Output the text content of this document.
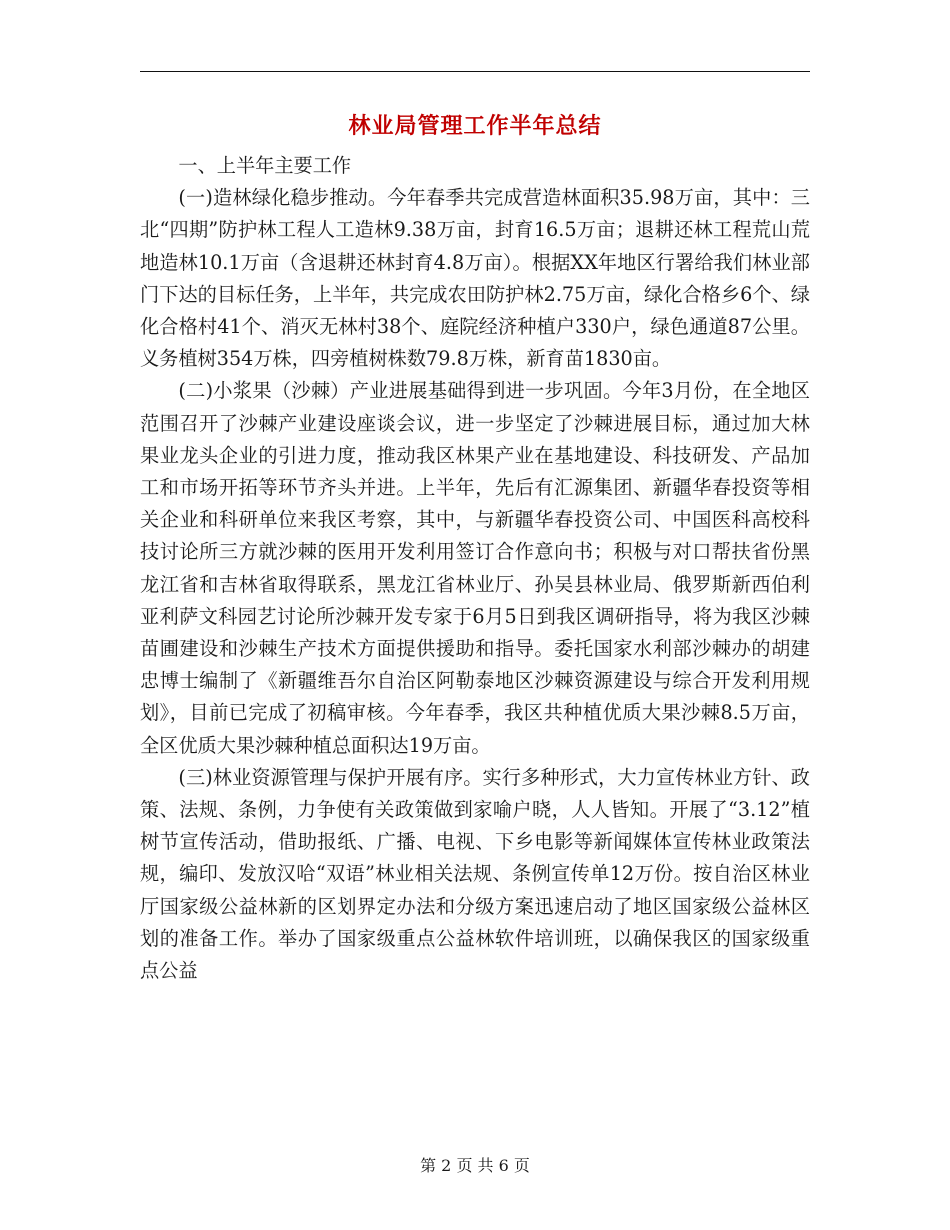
林业局管理工作半年总结

一、上半年主要工作

(一)造林绿化稳步推动。今年春季共完成营造林面积35.98万亩，其中：三北“四期”防护林工程人工造林9.38万亩，封育16.5万亩；退耕还林工程荒山荒地造林10.1万亩（含退耕还林封育4.8万亩）。根据XX年地区行署给我们林业部门下达的目标任务，上半年，共完成农田防护林2.75万亩，绿化合格乡6个、绿化合格村41个、消灭无林村38个、庭院经济种植户330户，绿色通道87公里。义务植树354万株，四旁植树株数79.8万株，新育苗1830亩。

(二)小浆果（沙棘）产业进展基础得到进一步巩固。今年3月份，在全地区范围召开了沙棘产业建设座谈会议，进一步坚定了沙棘进展目标，通过加大林果业龙头企业的引进力度，推动我区林果产业在基地建设、科技研发、产品加工和市场开拓等环节齐头并进。上半年，先后有汇源集团、新疆华春投资等相关企业和科研单位来我区考察，其中，与新疆华春投资公司、中国医科高校科技讨论所三方就沙棘的医用开发利用签订合作意向书；积极与对口帮扶省份黑龙江省和吉林省取得联系，黑龙江省林业厅、孙吴县林业局、俄罗斯新西伯利亚利萨文科园艺讨论所沙棘开发专家于6月5日到我区调研指导，将为我区沙棘苗圃建设和沙棘生产技术方面提供援助和指导。委托国家水利部沙棘办的胡建忠博士编制了《新疆维吾尔自治区阿勒泰地区沙棘资源建设与综合开发利用规划》，目前已完成了初稿审核。今年春季，我区共种植优质大果沙棘8.5万亩，全区优质大果沙棘种植总面积达19万亩。

(三)林业资源管理与保护开展有序。实行多种形式，大力宣传林业方针、政策、法规、条例，力争使有关政策做到家喻户晓，人人皆知。开展了“3.12”植树节宣传活动，借助报纸、广播、电视、下乡电影等新闻媒体宣传林业政策法规，编印、发放汉哈“双语”林业相关法规、条例宣传单12万份。按自治区林业厅国家级公益林新的区划界定办法和分级方案迅速启动了地区国家级公益林区划的准备工作。举办了国家级重点公益林软件培训班，以确保我区的国家级重点公益

第 2 页 共 6 页
